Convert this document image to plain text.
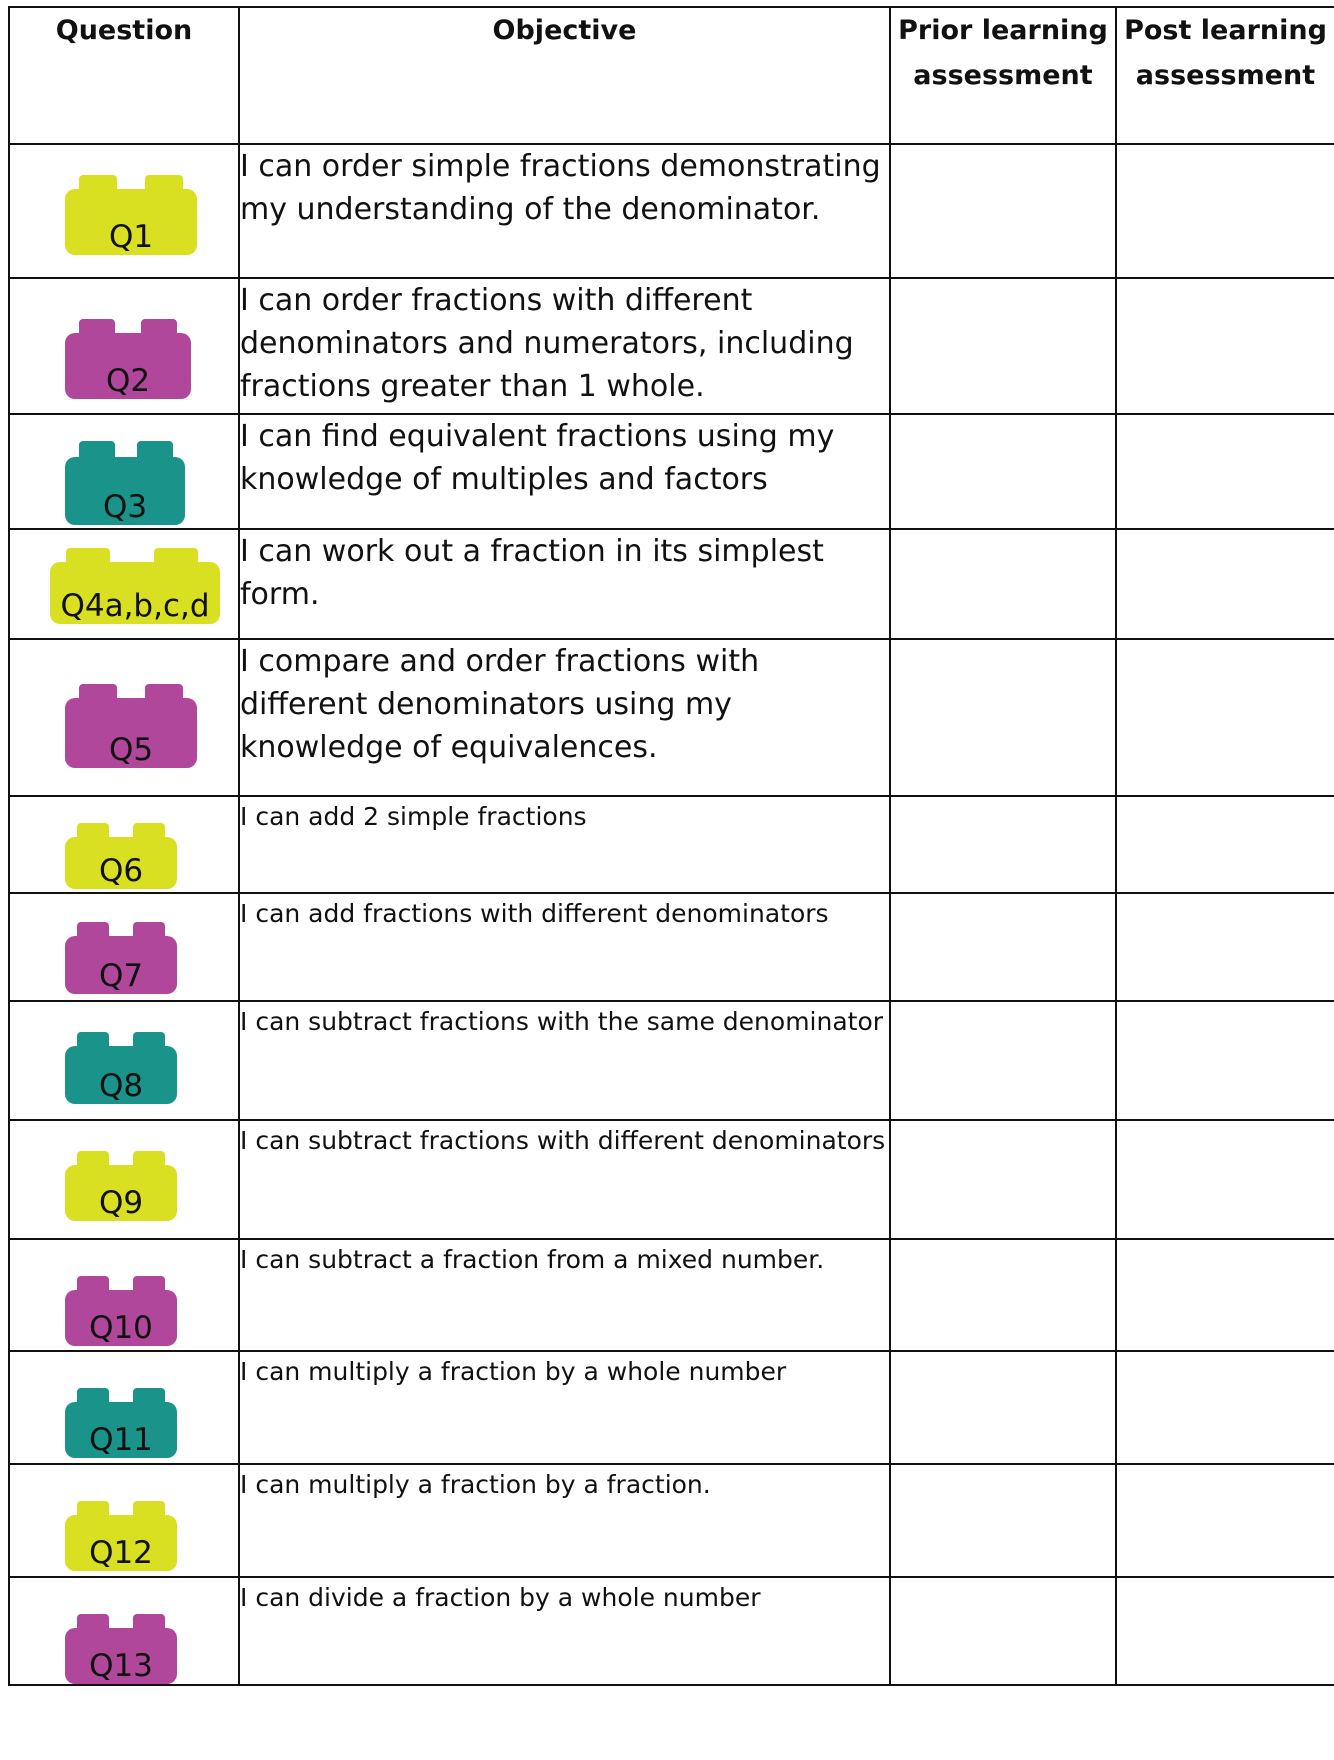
Question	Objective	Prior learning assessment	Post learning assessment

Q1	I can order simple fractions demonstrating my understanding of the denominator.		

Q2	I can order fractions with different denominators and numerators, including fractions greater than 1 whole.		

Q3	I can find equivalent fractions using my knowledge of multiples and factors		

Q4a,b,c,d	I can work out a fraction in its simplest form.		

Q5	I compare and order fractions with different denominators using my knowledge of equivalences.		

Q6	I can add 2 simple fractions		

Q7	I can add fractions with different denominators		

Q8	I can subtract fractions with the same denominator		

Q9	I can subtract fractions with different denominators		

Q10	I can subtract a fraction from a mixed number.		

Q11	I can multiply a fraction by a whole number		

Q12	I can multiply a fraction by a fraction.		

Q13	I can divide a fraction by a whole number		
